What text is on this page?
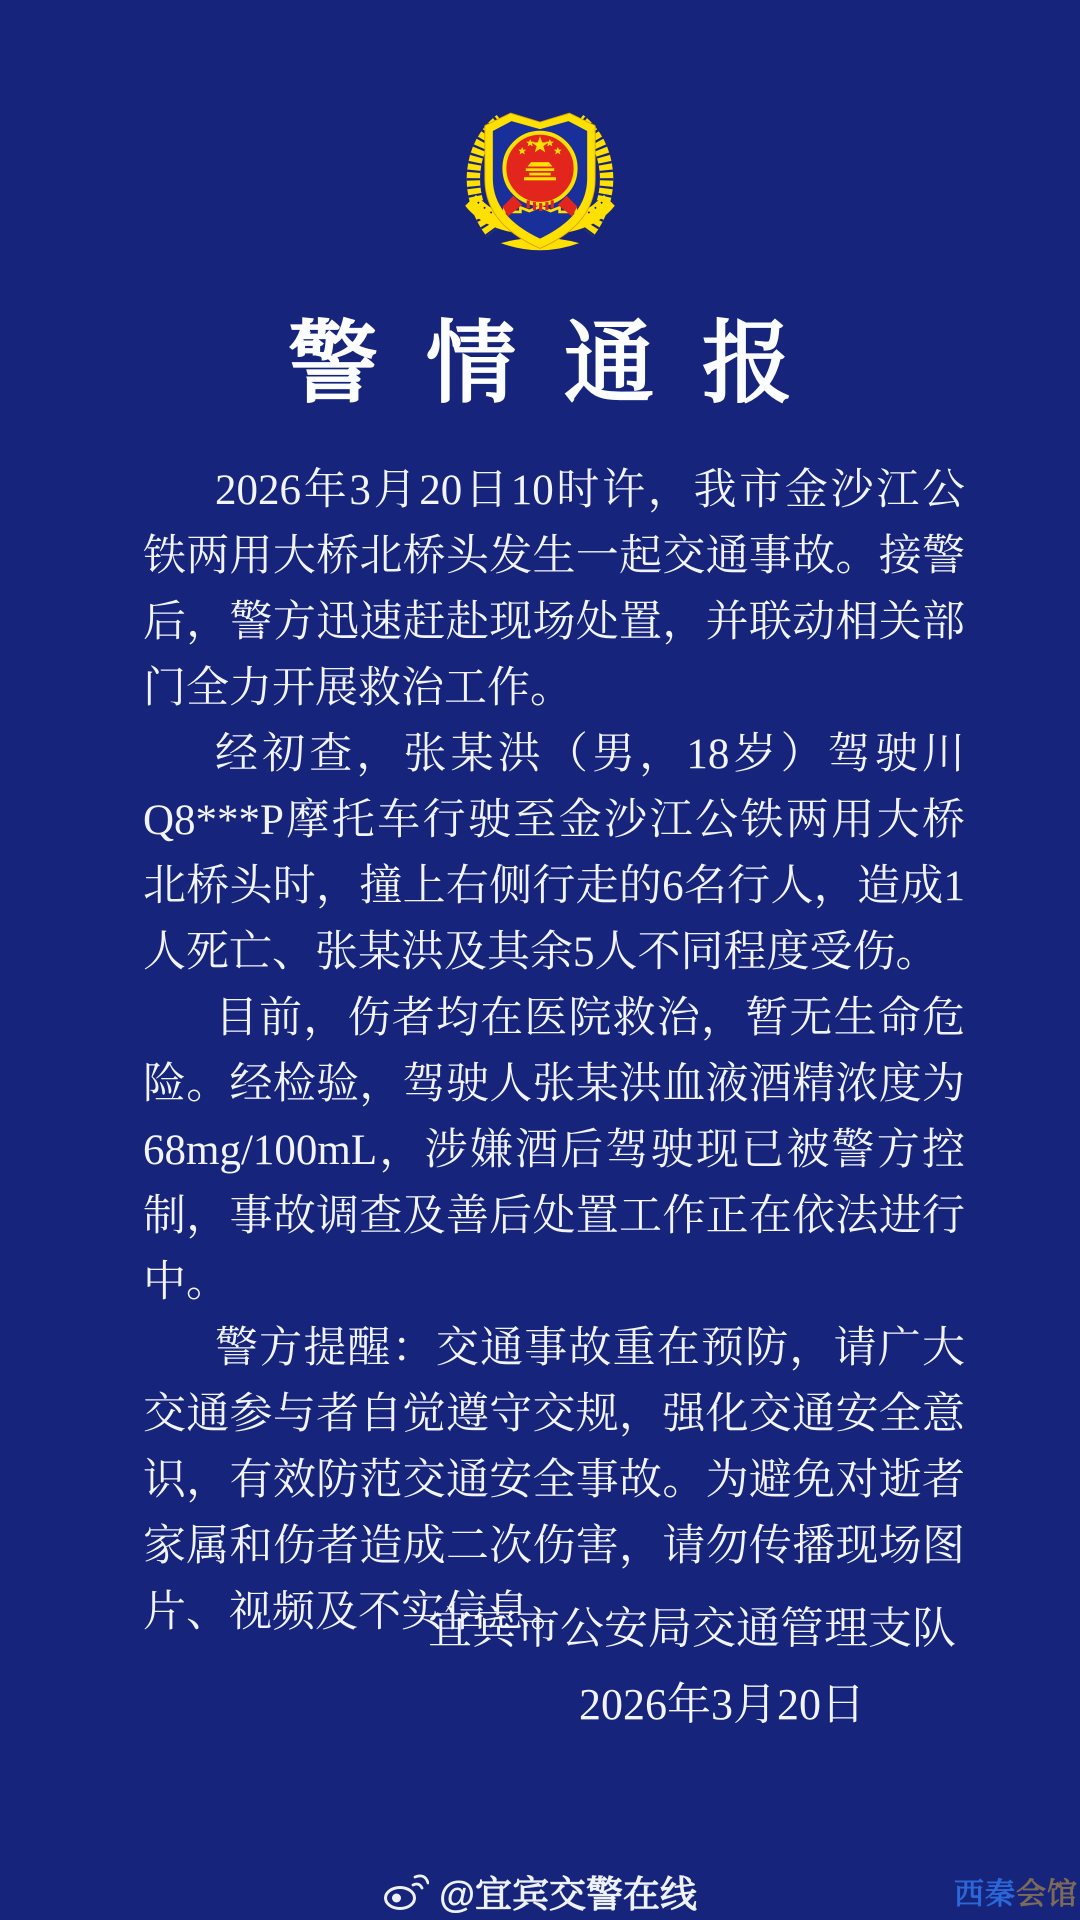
警情通报

2026年3月20日10时许，我市金沙江公铁两用大桥北桥头发生一起交通事故。接警后，警方迅速赶赴现场处置，并联动相关部门全力开展救治工作。

经初查，张某洪（男，18岁）驾驶川Q8***P摩托车行驶至金沙江公铁两用大桥北桥头时，撞上右侧行走的6名行人，造成1人死亡、张某洪及其余5人不同程度受伤。

目前，伤者均在医院救治，暂无生命危险。经检验，驾驶人张某洪血液酒精浓度为68mg/100mL，涉嫌酒后驾驶现已被警方控制，事故调查及善后处置工作正在依法进行中。

警方提醒：交通事故重在预防，请广大交通参与者自觉遵守交规，强化交通安全意识，有效防范交通安全事故。为避免对逝者家属和伤者造成二次伤害，请勿传播现场图片、视频及不实信息。

宜宾市公安局交通管理支队
2026年3月20日
@宜宾交警在线	西秦会馆
